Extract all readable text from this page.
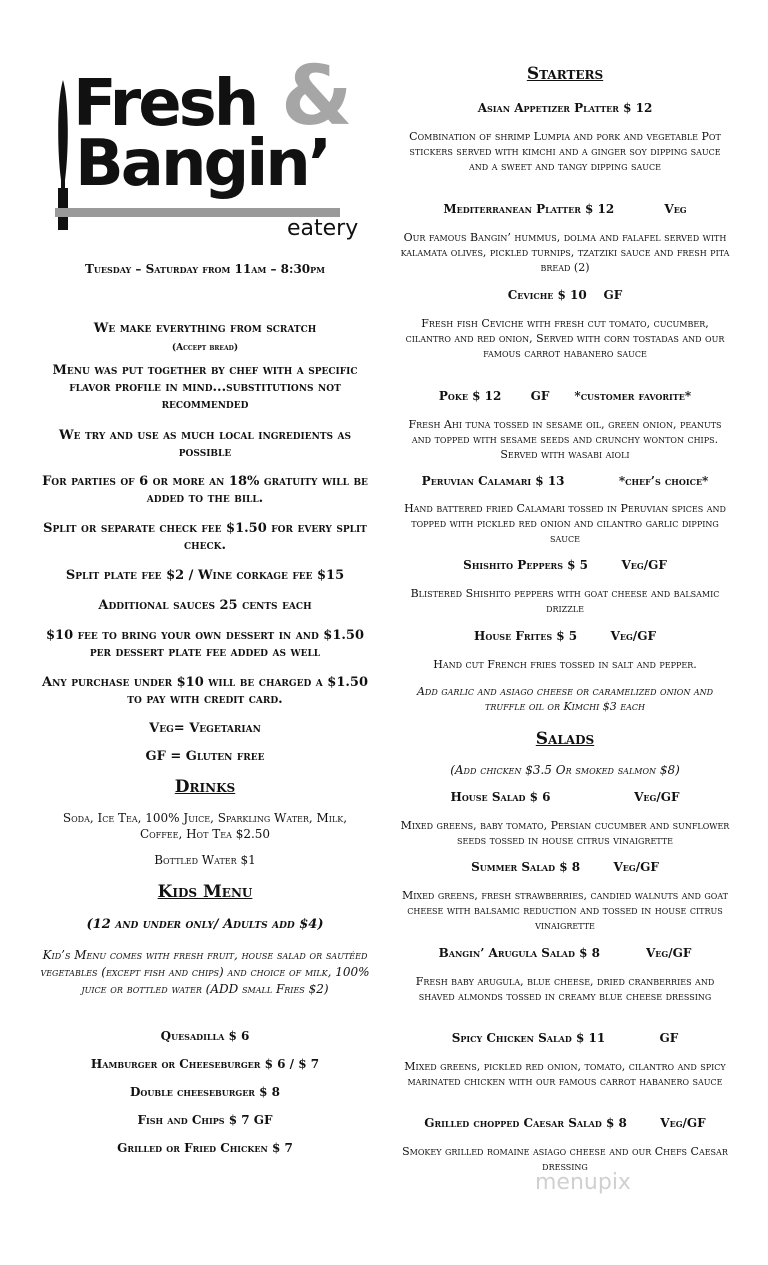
&
Fresh
Bangin’
eatery
Tuesday – Saturday from 11am – 8:30pm

We make everything from scratch

(Accept bread)

Menu was put together by chef with a specific flavor profile in mind...substitutions not recommended

We try and use as much local ingredients as possible

For parties of 6 or more an 18% gratuity will be added to the bill.

Split or separate check fee $1.50 for every split check.

Split plate fee $2 / Wine corkage fee $15

Additional sauces 25 cents each

$10 fee to bring your own dessert in and $1.50 per dessert plate fee added as well

Any purchase under $10 will be charged a $1.50 to pay with credit card.

Veg= Vegetarian

GF = Gluten free

Drinks

Soda, Ice Tea, 100% Juice, Sparkling Water, Milk, Coffee, Hot Tea $2.50

Bottled Water $1

Kids Menu

(12 and under only/ Adults add $4)

Kid’s Menu comes with fresh fruit, house salad or sautéed vegetables (except fish and chips) and choice of milk, 100% juice or bottled water (ADD small Fries $2)

Quesadilla $ 6

Hamburger or Cheeseburger $ 6 / $ 7

Double cheeseburger $ 8

Fish and Chips $ 7 GF

Grilled or Fried Chicken $ 7

Starters

Asian Appetizer Platter $ 12

Combination of shrimp Lumpia and pork and vegetable Pot stickers served with kimchi and a ginger soy dipping sauce and a sweet and tangy dipping sauce

Mediterranean Platter $ 12            Veg

Our famous Bangin’ hummus, dolma and falafel served with kalamata olives, pickled turnips, tzatziki sauce and fresh pita bread (2)

Ceviche $ 10    GF

Fresh fish Ceviche with fresh cut tomato, cucumber, cilantro and red onion, Served with corn tostadas and our famous carrot habanero sauce

Poke $ 12       GF      *customer favorite*

Fresh Ahi tuna tossed in sesame oil, green onion, peanuts and topped with sesame seeds and crunchy wonton chips. Served with wasabi aioli

Peruvian Calamari $ 13             *chef’s choice*

Hand battered fried Calamari tossed in Peruvian spices and topped with pickled red onion and cilantro garlic dipping sauce

Shishito Peppers $ 5        Veg/GF

Blistered Shishito peppers with goat cheese and balsamic drizzle

House Frites $ 5        Veg/GF

Hand cut French fries tossed in salt and pepper.

Add garlic and asiago cheese or caramelized onion and truffle oil or Kimchi $3 each

Salads

(Add chicken $3.5 Or smoked salmon $8)

House Salad $ 6                    Veg/GF

Mixed greens, baby tomato, Persian cucumber and sunflower seeds tossed in house citrus vinaigrette

Summer Salad $ 8        Veg/GF

Mixed greens, fresh strawberries, candied walnuts and goat cheese with balsamic reduction and tossed in house citrus vinaigrette

Bangin’ Arugula Salad $ 8           Veg/GF

Fresh baby arugula, blue cheese, dried cranberries and shaved almonds tossed in creamy blue cheese dressing

Spicy Chicken Salad $ 11             GF

Mixed greens, pickled red onion, tomato, cilantro and spicy marinated chicken with our famous carrot habanero sauce

Grilled chopped Caesar Salad $ 8        Veg/GF

Smokey grilled romaine asiago cheese and our Chefs Caesar dressing

menupix
